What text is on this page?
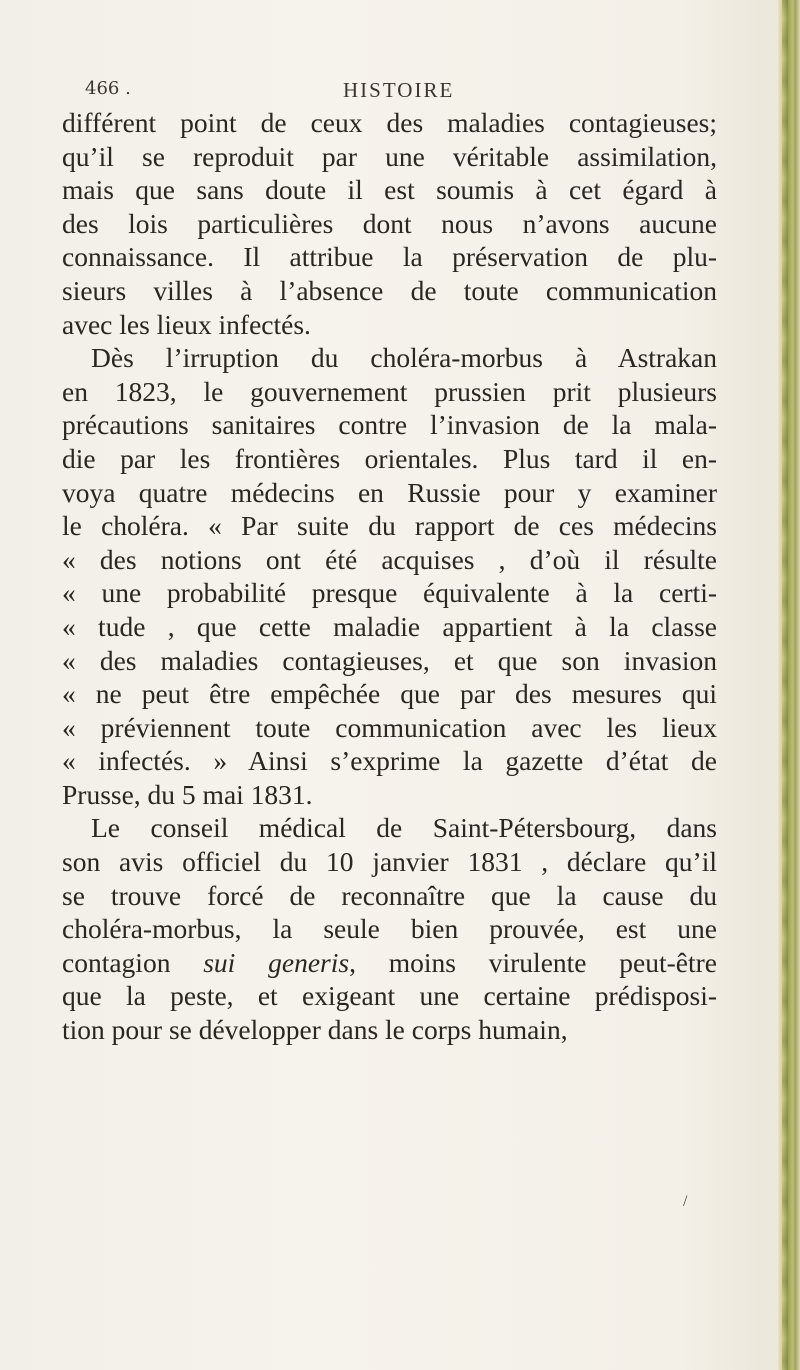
466 .	HISTOIRE
différent point de ceux des maladies contagieuses;
qu’il se reproduit par une véritable assimilation,
mais que sans doute il est soumis à cet égard à
des lois particulières dont nous n’avons aucune
connaissance. Il attribue la préservation de plu-
sieurs villes à l’absence de toute communication
avec les lieux infectés.
Dès l’irruption du choléra-morbus à Astrakan
en 1823, le gouvernement prussien prit plusieurs
précautions sanitaires contre l’invasion de la mala-
die par les frontières orientales. Plus tard il en-
voya quatre médecins en Russie pour y examiner
le choléra. « Par suite du rapport de ces médecins
« des notions ont été acquises , d’où il résulte
« une probabilité presque équivalente à la certi-
« tude , que cette maladie appartient à la classe
« des maladies contagieuses, et que son invasion
« ne peut être empêchée que par des mesures qui
« préviennent toute communication avec les lieux
« infectés. » Ainsi s’exprime la gazette d’état de
Prusse, du 5 mai 1831.
Le conseil médical de Saint-Pétersbourg, dans
son avis officiel du 10 janvier 1831 , déclare qu’il
se trouve forcé de reconnaître que la cause du
choléra-morbus, la seule bien prouvée, est une
contagion sui generis, moins virulente peut-être
que la peste, et exigeant une certaine prédisposi-
tion pour se développer dans le corps humain,
/
